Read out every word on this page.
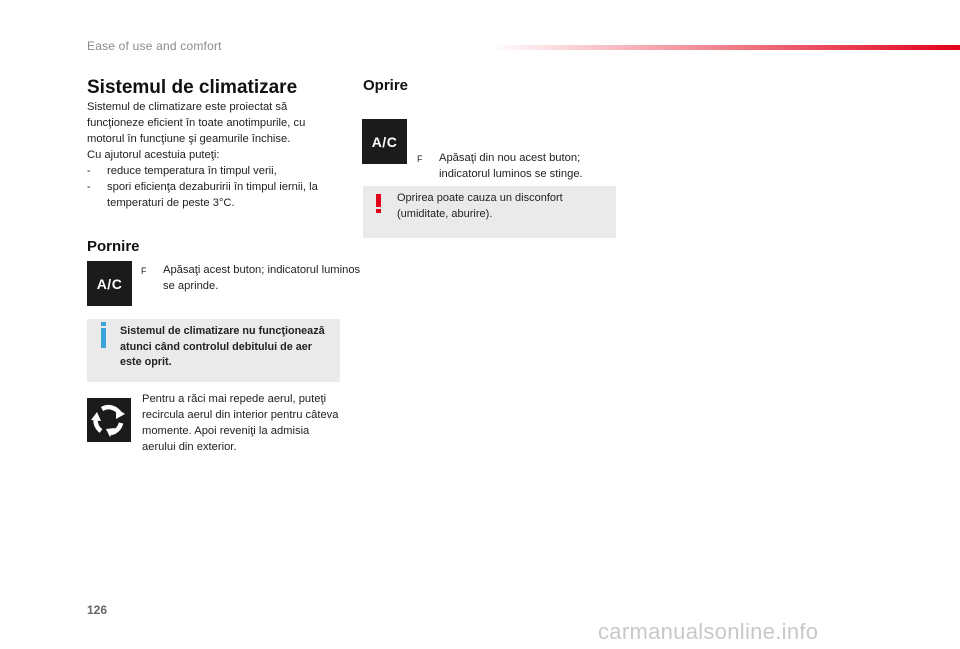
Ease of use and comfort
Sistemul de climatizare
Sistemul de climatizare este proiectat să funcţioneze eficient în toate anotimpurile, cu motorul în funcţiune şi geamurile închise.
Cu ajutorul acestuia puteţi:
- reduce temperatura în timpul verii,
- spori eficienţa dezaburirii în timpul iernii, la temperaturi de peste 3°C.
Pornire
A/C
F Apăsaţi acest buton; indicatorul luminos se aprinde.
Sistemul de climatizare nu funcţionează atunci când controlul debitului de aer este oprit.
Pentru a răci mai repede aerul, puteţi recircula aerul din interior pentru câteva momente. Apoi reveniţi la admisia aerului din exterior.
Oprire
A/C
F Apăsaţi din nou acest buton; indicatorul luminos se stinge.
Oprirea poate cauza un disconfort (umiditate, aburire).
126
carmanualsonline.info
